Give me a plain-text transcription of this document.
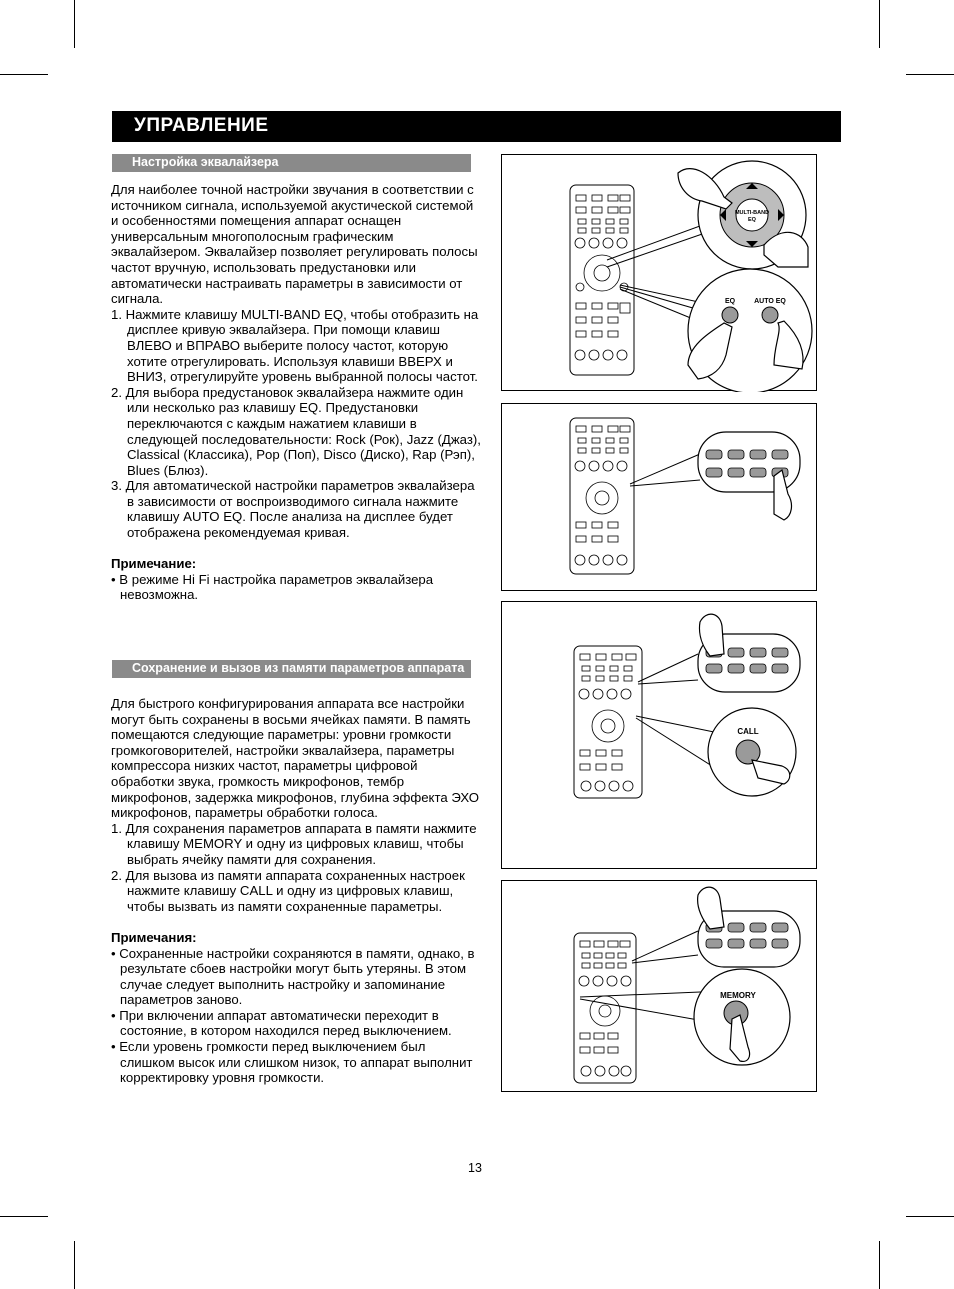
УПРАВЛЕНИЕ
Настройка эквалайзера

Для наиболее точной настройки звучания в соответствии с источником сигнала, используемой акустической системой и особенностями помещения аппарат оснащен универсальным многополосным графическим эквалайзером. Эквалайзер позволяет регулировать полосы частот вручную, использовать предустановки или автоматически настраивать параметры в зависимости от сигнала.

1. Нажмите клавишу MULTI-BAND EQ, чтобы отобразить на дисплее кривую эквалайзера. При помощи клавиш ВЛЕВО и ВПРАВО выберите полосу частот, которую хотите отрегулировать. Используя клавиши ВВЕРХ и ВНИЗ, отрегулируйте уровень выбранной полосы частот.

2. Для выбора предустановок эквалайзера нажмите один или несколько раз клавишу EQ. Предустановки переключаются с каждым нажатием клавиши в следующей последовательности: Rock (Рок), Jazz (Джаз), Classical (Классика), Pop (Поп), Disco (Диско), Rap (Рэп), Blues (Блюз).

3. Для автоматической настройки параметров эквалайзера в зависимости от воспроизводимого сигнала нажмите клавишу AUTO EQ. После анализа на дисплее будет отображена рекомендуемая кривая.

Примечание:

• В режиме Hi Fi настройка параметров эквалайзера невозможна.

Сохранение и вызов из памяти параметров аппарата

Для быстрого конфигурирования аппарата все настройки могут быть сохранены в восьми ячейках памяти. В память помещаются следующие параметры: уровни громкости громкоговорителей, настройки эквалайзера, параметры компрессора низких частот, параметры цифровой обработки звука, громкость микрофонов, тембр микрофонов, задержка микрофонов, глубина эффекта ЭХО микрофонов, параметры обработки голоса.

1. Для сохранения параметров аппарата в памяти нажмите клавишу MEMORY и одну из цифровых клавиш, чтобы выбрать ячейку памяти для сохранения.

2. Для вызова из памяти аппарата сохраненных настроек нажмите клавишу CALL и одну из цифровых клавиш, чтобы вызвать из памяти сохраненные параметры.

Примечания:

• Сохраненные настройки сохраняются в памяти, однако, в результате сбоев настройки могут быть утеряны. В этом случае следует выполнить настройку и запоминание параметров заново.

• При включении аппарат автоматически переходит в состояние, в котором находился перед выключением.

• Если уровень громкости перед выключением был слишком высок или слишком низок, то аппарат выполнит корректировку уровня громкости.

13
MULTI-BAND
EQ
EQ	AUTO EQ
CALL
MEMORY
